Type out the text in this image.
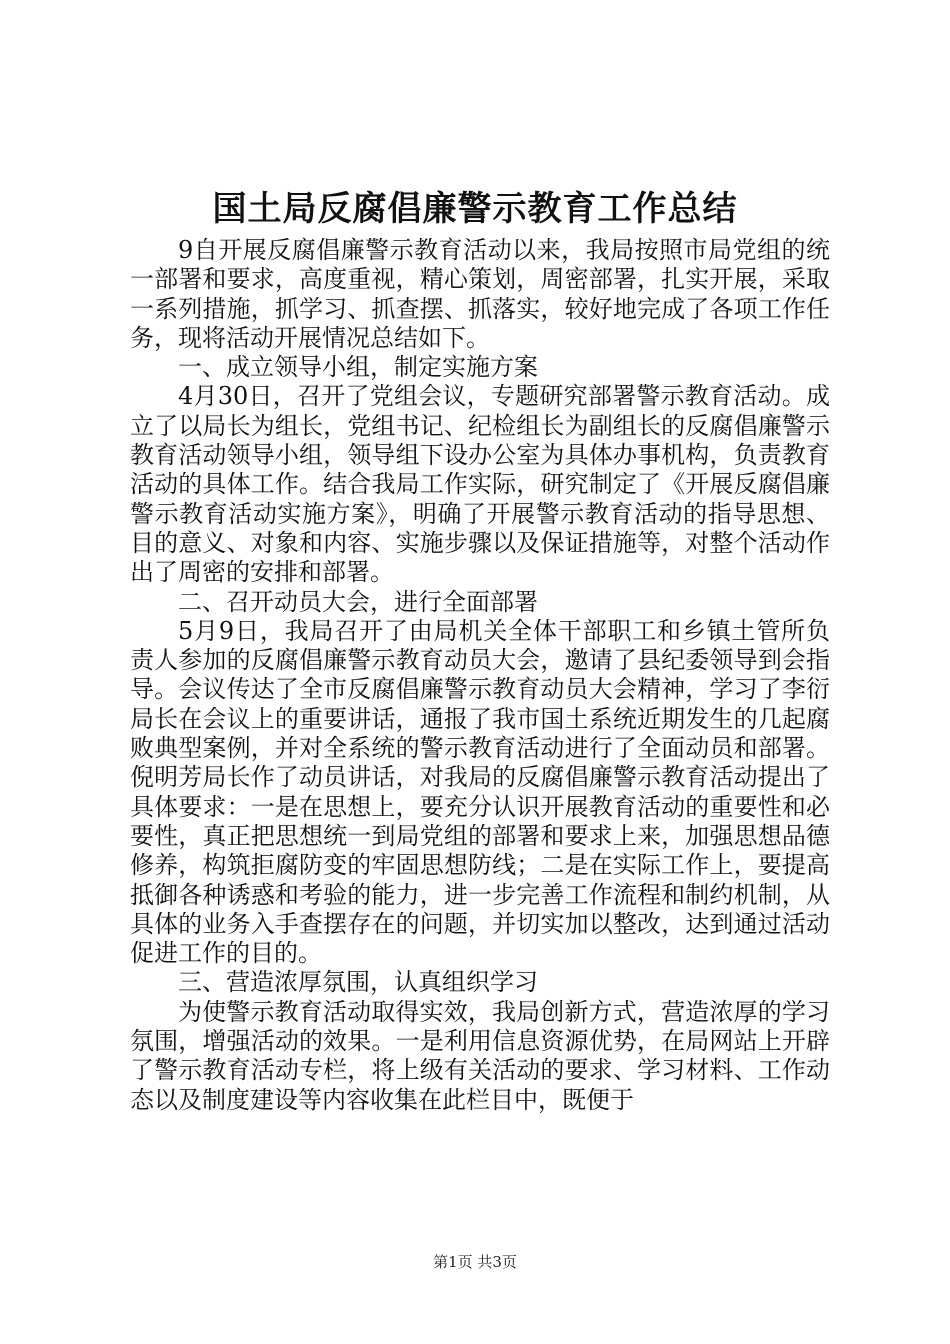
国土局反腐倡廉警示教育工作总结

9自开展反腐倡廉警示教育活动以来，我局按照市局党组的统一部署和要求，高度重视，精心策划，周密部署，扎实开展，采取一系列措施，抓学习、抓查摆、抓落实，较好地完成了各项工作任务，现将活动开展情况总结如下。

一、成立领导小组，制定实施方案

4月30日，召开了党组会议，专题研究部署警示教育活动。成立了以局长为组长，党组书记、纪检组长为副组长的反腐倡廉警示教育活动领导小组，领导组下设办公室为具体办事机构，负责教育活动的具体工作。结合我局工作实际，研究制定了《开展反腐倡廉警示教育活动实施方案》，明确了开展警示教育活动的指导思想、目的意义、对象和内容、实施步骤以及保证措施等，对整个活动作出了周密的安排和部署。

二、召开动员大会，进行全面部署

5月9日，我局召开了由局机关全体干部职工和乡镇土管所负责人参加的反腐倡廉警示教育动员大会，邀请了县纪委领导到会指导。会议传达了全市反腐倡廉警示教育动员大会精神，学习了李衍局长在会议上的重要讲话，通报了我市国土系统近期发生的几起腐败典型案例，并对全系统的警示教育活动进行了全面动员和部署。倪明芳局长作了动员讲话，对我局的反腐倡廉警示教育活动提出了具体要求：一是在思想上，要充分认识开展教育活动的重要性和必要性，真正把思想统一到局党组的部署和要求上来，加强思想品德修养，构筑拒腐防变的牢固思想防线；二是在实际工作上，要提高抵御各种诱惑和考验的能力，进一步完善工作流程和制约机制，从具体的业务入手查摆存在的问题，并切实加以整改，达到通过活动促进工作的目的。

三、营造浓厚氛围，认真组织学习

为使警示教育活动取得实效，我局创新方式，营造浓厚的学习氛围，增强活动的效果。一是利用信息资源优势，在局网站上开辟了警示教育活动专栏，将上级有关活动的要求、学习材料、工作动态以及制度建设等内容收集在此栏目中，既便于

第1页 共3页
